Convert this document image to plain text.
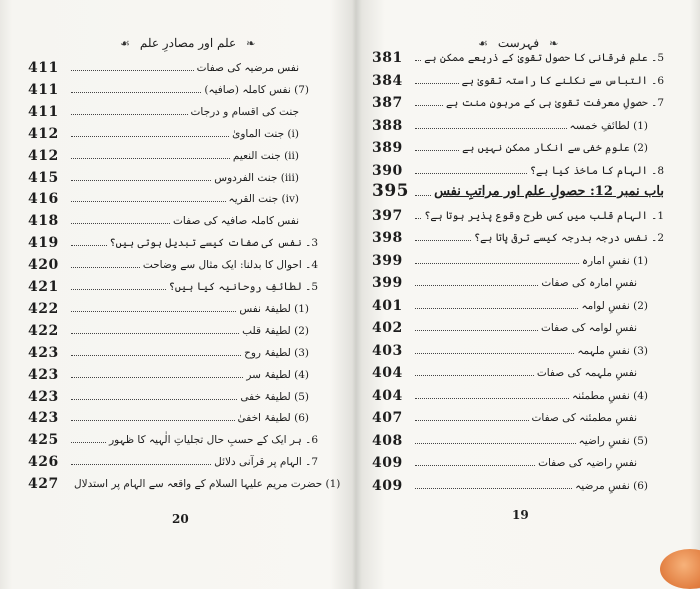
❧
علم اور مصادرِ علم
☙	❧
فہرست
☙
411	نفس مرضیہ کی صفات
411	(7) نفس کاملہ (صافیہ)
411	جنت کی اقسام و درجات
412	(i) جنت الماویٰ
412	(ii) جنت النعیم
415	(iii) جنت الفردوس
416	(iv) جنت القریہ
418	نفس کاملہ صافیہ کی صفات
419	3۔ نفس کی صفات کیسے تبدیل ہوتی ہیں؟
420	4۔ احوال کا بدلنا: ایک مثال سے وضاحت
421	5۔ لطائفِ روحانیہ کیا ہیں؟
422	(1) لطیفۂ نفس
422	(2) لطیفۂ قلب
423	(3) لطیفۂ روح
423	(4) لطیفۂ سر
423	(5) لطیفۂ خفی
423	(6) لطیفۂ اخفیٰ
425	6۔ ہر ایک کے حسبِ حال تجلیاتِ الٰہیہ کا ظہور
426	7۔ الہام پر قرآنی دلائل
427	(1) حضرت مریم علیہا السلام کے واقعہ سے الہام پر استدلال
381	5۔ علمِ فرقانی کا حصول تقویٰ کے ذریعے ممکن ہے
384	6۔ التباس سے نکلنے کا راستہ تقویٰ ہے
387	7۔ حصولِ معرفت تقویٰ ہی کے مرہونِ منت ہے
388	(1) لطائفِ خمسہ
389	(2) علومِ خفی سے انکار ممکن نہیں ہے
390	8۔ الہام کا ماخذ کیا ہے؟
395 باب نمبر 12: حصولِ علم اور مراتبِ نفس
397	1۔ الہام قلب میں کس طرح وقوع پذیر ہوتا ہے؟
398	2۔ نفس درجہ بدرجہ کیسے ترقی پاتا ہے؟
399	(1) نفسِ امارہ
399	نفسِ امارہ کی صفات
401	(2) نفسِ لوامہ
402	نفسِ لوامہ کی صفات
403	(3) نفسِ ملہمہ
404	نفسِ ملہمہ کی صفات
404	(4) نفسِ مطمئنہ
407	نفسِ مطمئنہ کی صفات
408	(5) نفسِ راضیہ
409	نفسِ راضیہ کی صفات
409	(6) نفسِ مرضیہ
20	19
